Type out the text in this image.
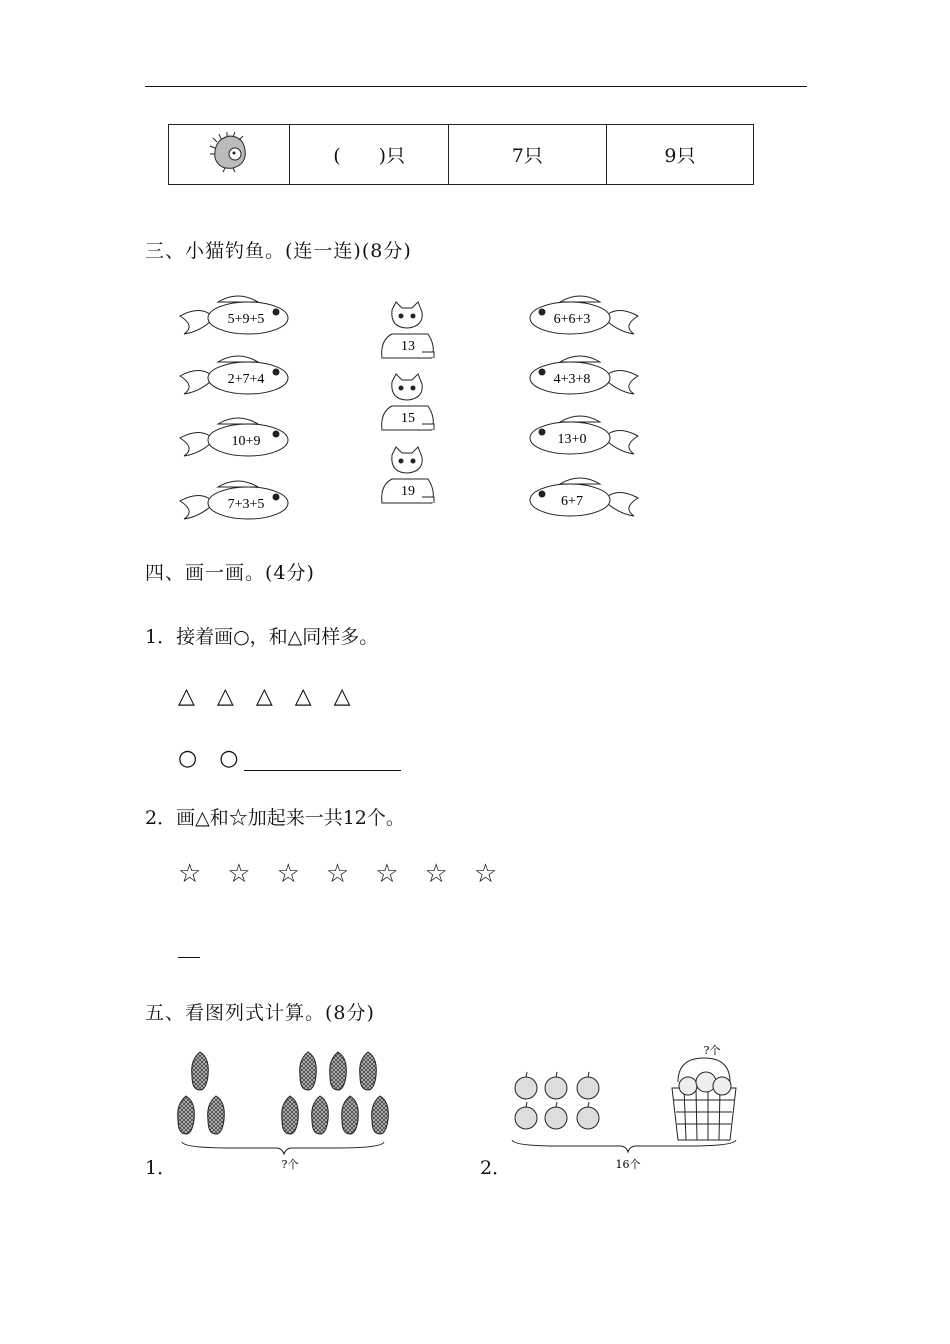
	(　　)只	7只	9只
三、小猫钓鱼。(连一连)(8分)
5+9+5
2+7+4
10+9
7+3+5
13
15
19
6+6+3
4+3+8
13+0
6+7
四、画一画。(4分)
1．接着画○，和△同样多。
△　△　△　△　△
○　○
2．画△和☆加起来一共12个。
☆　☆　☆　☆　☆　☆　☆
五、看图列式计算。(8分)
?个
1．
?个
16个
2．
